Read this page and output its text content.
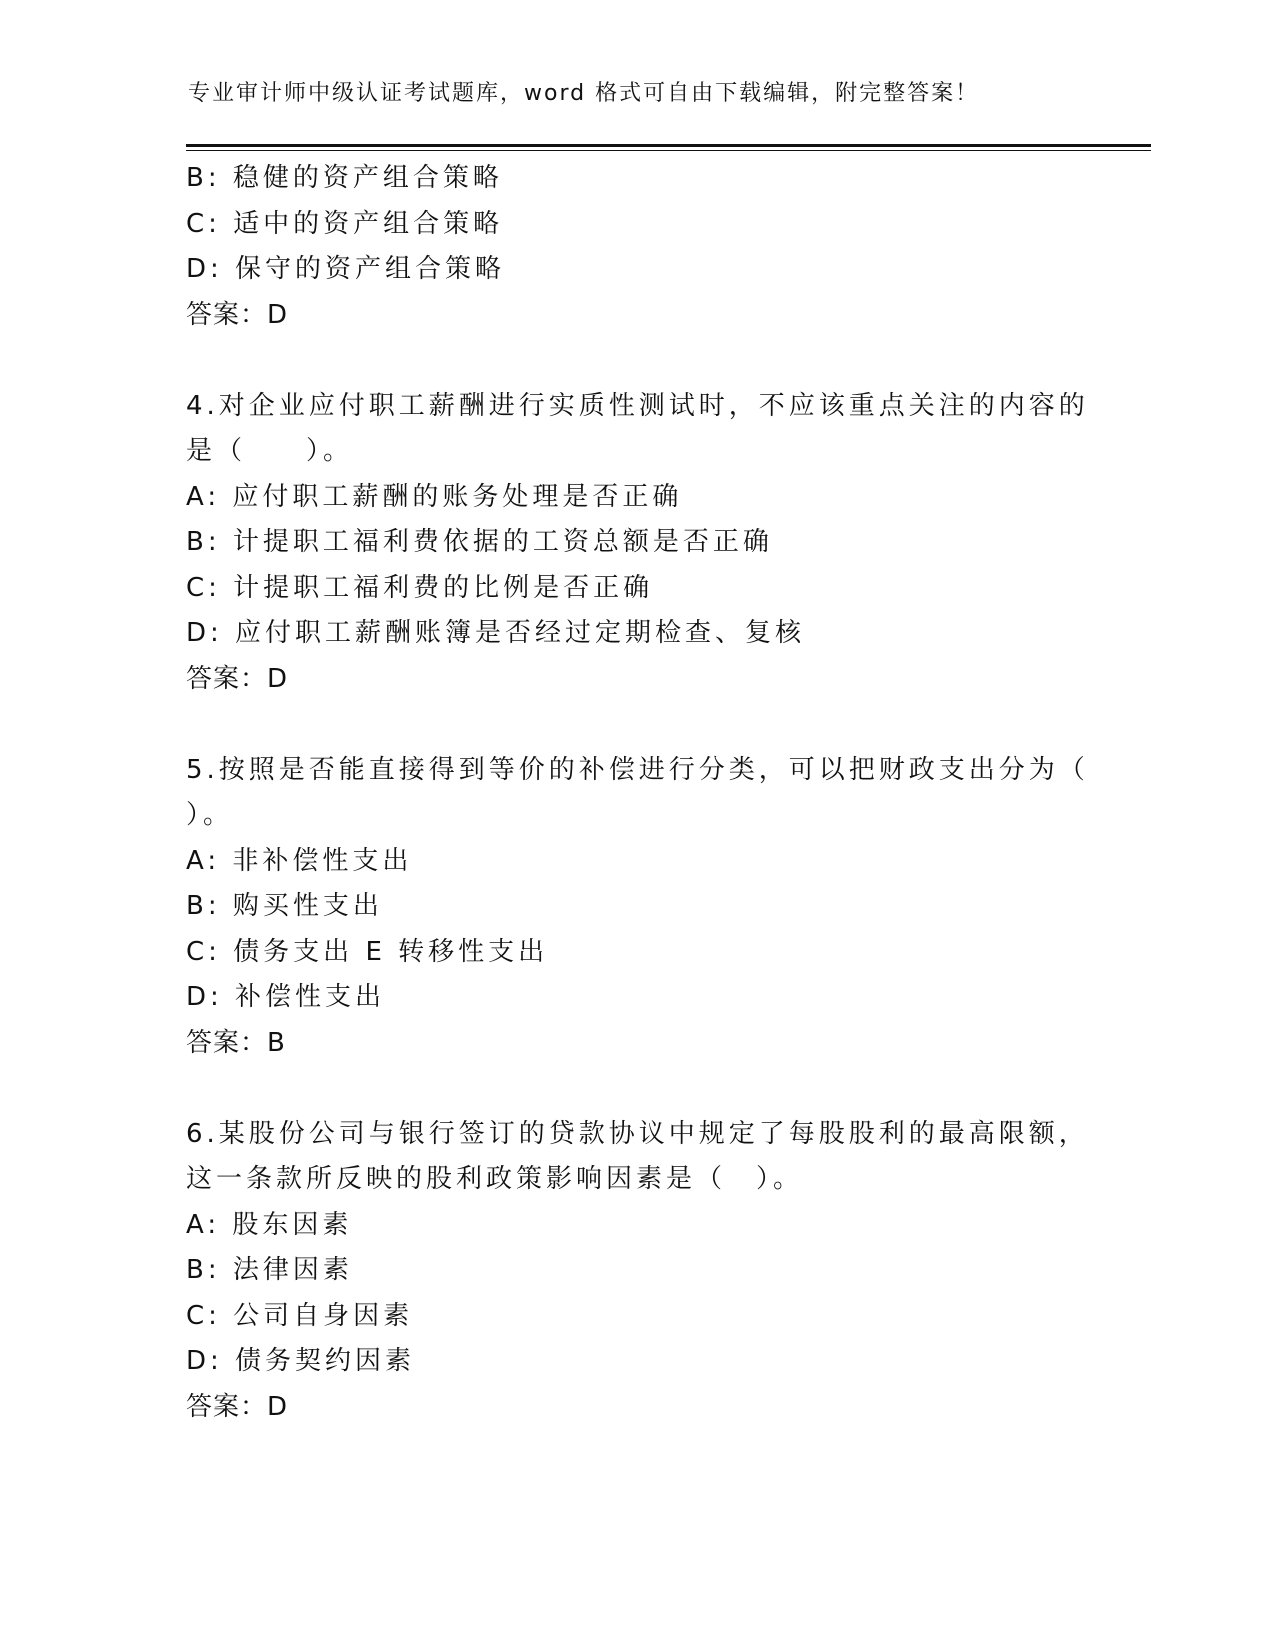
专业审计师中级认证考试题库，word 格式可自由下载编辑，附完整答案！
B: 稳健的资产组合策略
C: 适中的资产组合策略
D: 保守的资产组合策略
答案：D
4.对企业应付职工薪酬进行实质性测试时，不应该重点关注的内容的
是（　　）。
A: 应付职工薪酬的账务处理是否正确
B: 计提职工福利费依据的工资总额是否正确
C: 计提职工福利费的比例是否正确
D: 应付职工薪酬账簿是否经过定期检查、复核
答案：D
5.按照是否能直接得到等价的补偿进行分类，可以把财政支出分为（
）。
A: 非补偿性支出
B: 购买性支出
C: 债务支出 E 转移性支出
D: 补偿性支出
答案：B
6.某股份公司与银行签订的贷款协议中规定了每股股利的最高限额，
这一条款所反映的股利政策影响因素是（　）。
A: 股东因素
B: 法律因素
C: 公司自身因素
D: 债务契约因素
答案：D
